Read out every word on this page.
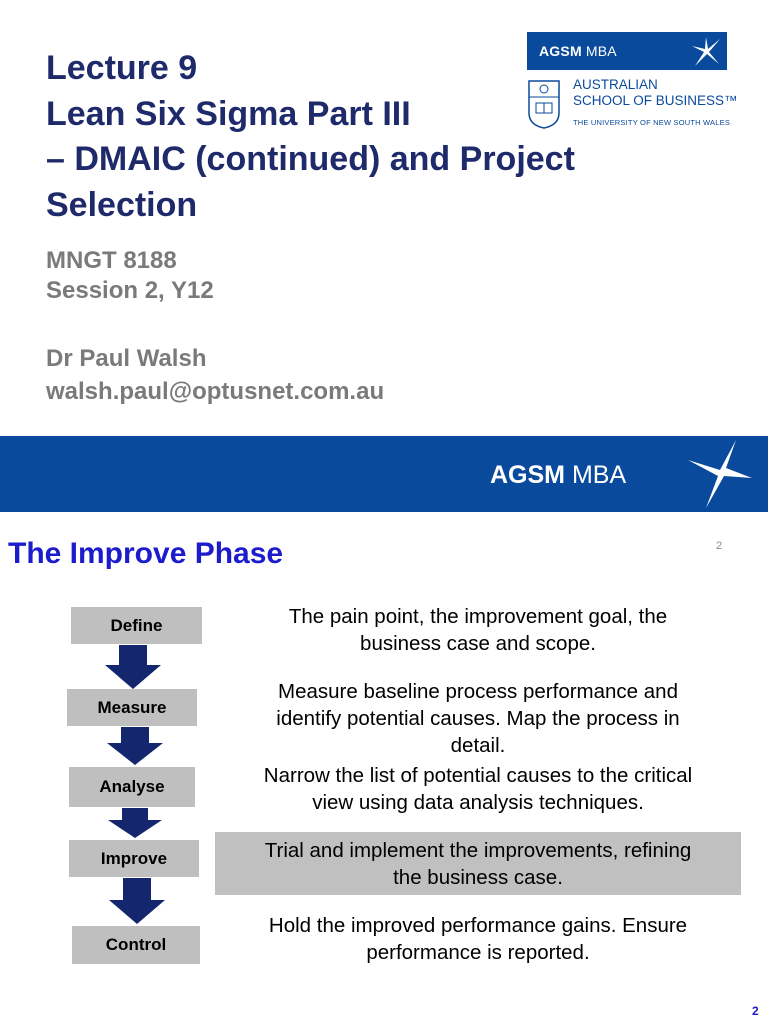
Lecture 9
Lean Six Sigma Part III
– DMAIC (continued) and Project
Selection
MNGT 8188
Session 2, Y12
Dr Paul Walsh
walsh.paul@optusnet.com.au
AGSM MBA
AUSTRALIAN
SCHOOL OF BUSINESS™
THE UNIVERSITY OF NEW SOUTH WALES
AGSM MBA
The Improve Phase	2
Define
Measure
Analyse
Improve
Control
The pain point, the improvement goal, the
business case and scope.
Measure baseline process performance and
identify potential causes. Map the process in
detail.
Narrow the list of potential causes to the critical
view using data analysis techniques.
Trial and implement the improvements, refining
the business case.
Hold the improved performance gains. Ensure
performance is reported.
2
